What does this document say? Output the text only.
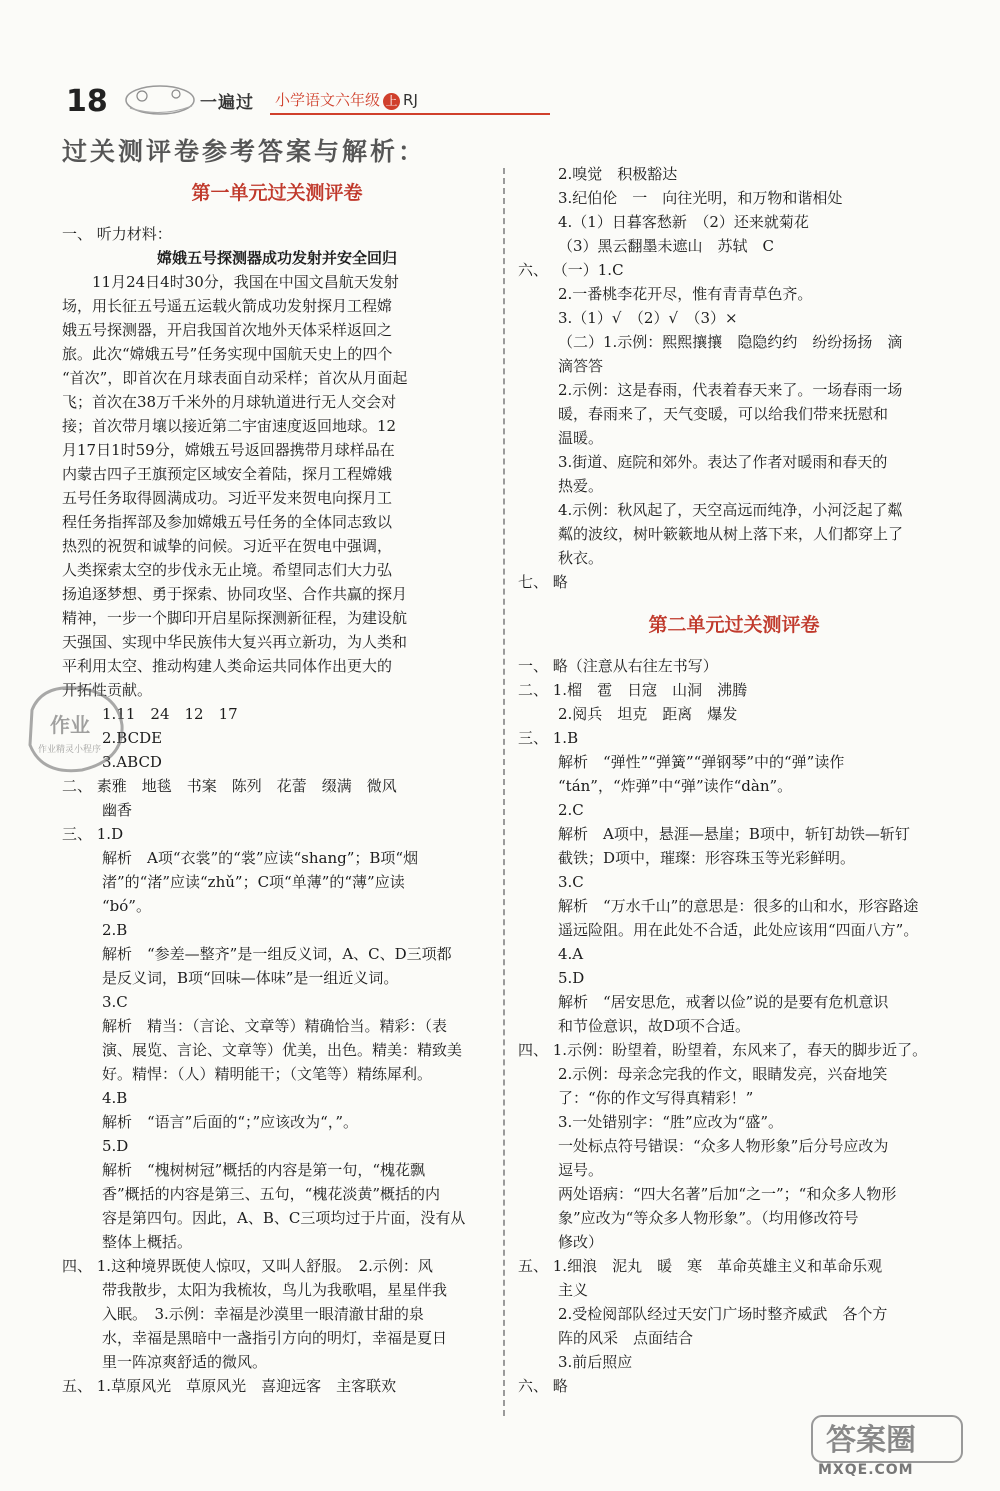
18	一遍过 小学语文六年级 上 RJ
过关测评卷参考答案与解析：
第一单元过关测评卷
一、 听力材料：
嫦娥五号探测器成功发射并安全回归
　　11月24日4时30分，我国在中国文昌航天发射
场，用长征五号遥五运载火箭成功发射探月工程嫦
娥五号探测器，开启我国首次地外天体采样返回之
旅。此次“嫦娥五号”任务实现中国航天史上的四个
“首次”，即首次在月球表面自动采样；首次从月面起
飞；首次在38万千米外的月球轨道进行无人交会对
接；首次带月壤以接近第二宇宙速度返回地球。12
月17日1时59分，嫦娥五号返回器携带月球样品在
内蒙古四子王旗预定区域安全着陆，探月工程嫦娥
五号任务取得圆满成功。习近平发来贺电向探月工
程任务指挥部及参加嫦娥五号任务的全体同志致以
热烈的祝贺和诚挚的问候。习近平在贺电中强调，
人类探索太空的步伐永无止境。希望同志们大力弘
扬追逐梦想、勇于探索、协同攻坚、合作共赢的探月
精神，一步一个脚印开启星际探测新征程，为建设航
天强国、实现中华民族伟大复兴再立新功，为人类和
平利用太空、推动构建人类命运共同体作出更大的
开拓性贡献。
1.11　24　12　17
2.BCDE
3.ABCD
二、 素雅　地毯　书案　陈列　花蕾　缀满　微风
幽香
三、 1.D
解析　A项“衣裳”的“裳”应读“shang”；B项“烟
渚”的“渚”应读“zhǔ”；C项“单薄”的“薄”应读
“bó”。
2.B
解析　“参差—整齐”是一组反义词，A、C、D三项都
是反义词，B项“回味—体味”是一组近义词。
3.C
解析　精当：（言论、文章等）精确恰当。精彩：（表
演、展览、言论、文章等）优美，出色。精美：精致美
好。精悍：（人）精明能干；（文笔等）精练犀利。
4.B
解析　“语言”后面的“；”应该改为“，”。
5.D
解析　“槐树树冠”概括的内容是第一句，“槐花飘
香”概括的内容是第三、五句，“槐花淡黄”概括的内
容是第四句。因此，A、B、C三项均过于片面，没有从
整体上概括。
四、 1.这种境界既使人惊叹，又叫人舒服。　2.示例：风
带我散步，太阳为我梳妆，鸟儿为我歌唱，星星伴我
入眠。　3.示例：幸福是沙漠里一眼清澈甘甜的泉
水，幸福是黑暗中一盏指引方向的明灯，幸福是夏日
里一阵凉爽舒适的微风。
五、 1.草原风光　草原风光　喜迎远客　主客联欢
2.嗅觉　积极豁达
3.纪伯伦　一　向往光明，和万物和谐相处
4.（1）日暮客愁新　（2）还来就菊花
（3）黑云翻墨未遮山　苏轼　C
六、 （一）1.C
2.一番桃李花开尽，惟有青青草色齐。
3.（1）√　（2）√　（3）×
（二）1.示例：熙熙攘攘　隐隐约约　纷纷扬扬　滴
滴答答
2.示例：这是春雨，代表着春天来了。一场春雨一场
暖，春雨来了，天气变暖，可以给我们带来抚慰和
温暖。
3.街道、庭院和郊外。表达了作者对暖雨和春天的
热爱。
4.示例：秋风起了，天空高远而纯净，小河泛起了粼
粼的波纹，树叶簌簌地从树上落下来，人们都穿上了
秋衣。
七、 略
第二单元过关测评卷
一、 略（注意从右往左书写）
二、 1.榴　雹　日寇　山洞　沸腾
2.阅兵　坦克　距离　爆发
三、 1.B
解析　“弹性”“弹簧”“弹钢琴”中的“弹”读作
“tán”，“炸弹”中“弹”读作“dàn”。
2.C
解析　A项中，悬涯—悬崖；B项中，斩钉劫铁—斩钉
截铁；D项中，璀璨：形容珠玉等光彩鲜明。
3.C
解析　“万水千山”的意思是：很多的山和水，形容路途
遥远险阻。用在此处不合适，此处应该用“四面八方”。
4.A
5.D
解析　“居安思危，戒奢以俭”说的是要有危机意识
和节俭意识，故D项不合适。
四、 1.示例：盼望着，盼望着，东风来了，春天的脚步近了。
2.示例：母亲念完我的作文，眼睛发亮，兴奋地笑
了：“你的作文写得真精彩！”
3.一处错别字：“胜”应改为“盛”。
一处标点符号错误：“众多人物形象”后分号应改为
逗号。
两处语病：“四大名著”后加“之一”；“和众多人物形
象”应改为“等众多人物形象”。（均用修改符号
修改）
五、 1.细浪　泥丸　暖　寒　革命英雄主义和革命乐观
主义
2.受检阅部队经过天安门广场时整齐威武　各个方
阵的风采　点面结合
3.前后照应
六、 略
作业
作业精灵小程序
答案圈
MXQE.COM
